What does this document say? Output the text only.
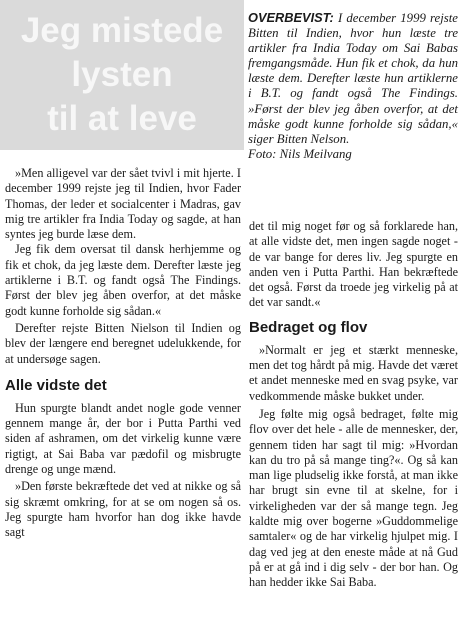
Jeg mistede
lysten
til at leve
OVERBEVIST: I december 1999 rejste Bitten til Indien, hvor hun læste tre artikler fra India Today om Sai Babas fremgangsmåde. Hun fik et chok, da hun læste dem. Derefter læste hun artiklerne i B.T. og fandt også The Findings. »Først der blev jeg åben overfor, at det måske godt kunne forholde sig sådan,« siger Bitten Nelson.
Foto: Nils Meilvang

»Men alligevel var der sået tvivl i mit hjerte. I december 1999 rejste jeg til Indien, hvor Fader Thomas, der leder et socialcenter i Madras, gav mig tre artikler fra India Today og sagde, at han syntes jeg burde læse dem.

Jeg fik dem oversat til dansk herhjemme og fik et chok, da jeg læste dem. Derefter læste jeg artiklerne i B.T. og fandt også The Findings. Først der blev jeg åben overfor, at det måske godt kunne forholde sig sådan.«

Derefter rejste Bitten Nielson til Indien og blev der længere end beregnet udelukkende, for at undersøge sagen.

Alle vidste det

Hun spurgte blandt andet nogle gode venner gennem mange år, der bor i Putta Parthi ved siden af ashramen, om det virkelig kunne være rigtigt, at Sai Baba var pædofil og misbrugte drenge og unge mænd.

»Den første bekræftede det ved at nikke og så sig skræmt omkring, for at se om nogen så os. Jeg spurgte ham hvorfor han dog ikke havde sagt

det til mig noget før og så forklarede han, at alle vidste det, men ingen sagde noget - de var bange for deres liv. Jeg spurgte en anden ven i Putta Parthi. Han bekræftede det også. Først da troede jeg virkelig på at det var sandt.«

Bedraget og flov

»Normalt er jeg et stærkt menneske, men det tog hårdt på mig. Havde det været et andet menneske med en svag psyke, var vedkommende måske bukket under.

Jeg følte mig også bedraget, følte mig flov over det hele - alle de mennesker, der, gennem tiden har sagt til mig: »Hvordan kan du tro på så mange ting?«. Og så kan man lige pludselig ikke forstå, at man ikke har brugt sin evne til at skelne, for i virkeligheden var der så mange tegn. Jeg kaldte mig over bogerne »Guddommelige samtaler« og de har virkelig hjulpet mig. I dag ved jeg at den eneste måde at nå Gud på er at gå ind i dig selv - der bor han. Og han hedder ikke Sai Baba.
